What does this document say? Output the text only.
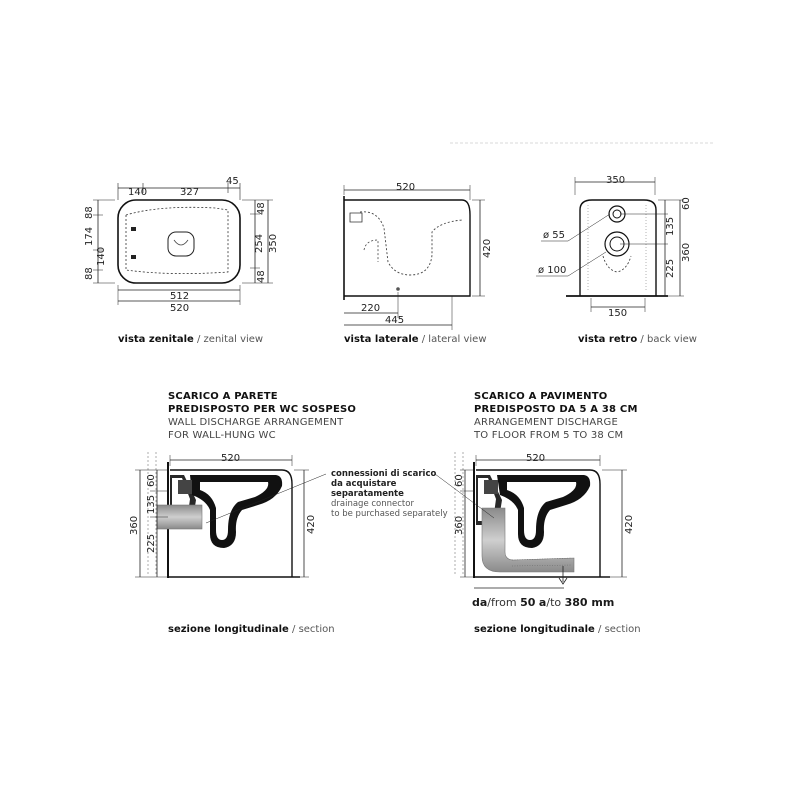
140	327
45
88
174
140
88
48
254
48
350
512
520
520
420
220
445
350
60
135
225
360
150
ø 55
ø 100
520
60
135
225
360	420
520
60
360	420
vista zenitale / zenital view	vista laterale / lateral view	vista retro / back view
SCARICO A PARETE
PREDISPOSTO PER WC SOSPESO
WALL DISCHARGE ARRANGEMENT
FOR WALL-HUNG WC
SCARICO A PAVIMENTO
PREDISPOSTO DA 5 A 38 CM
ARRANGEMENT DISCHARGE
TO FLOOR FROM 5 TO 38 CM
connessioni di scarico
da acquistare
separatamente
drainage connector
to be purchased separately
da/from 50 a/to 380 mm
sezione longitudinale / section	sezione longitudinale / section
